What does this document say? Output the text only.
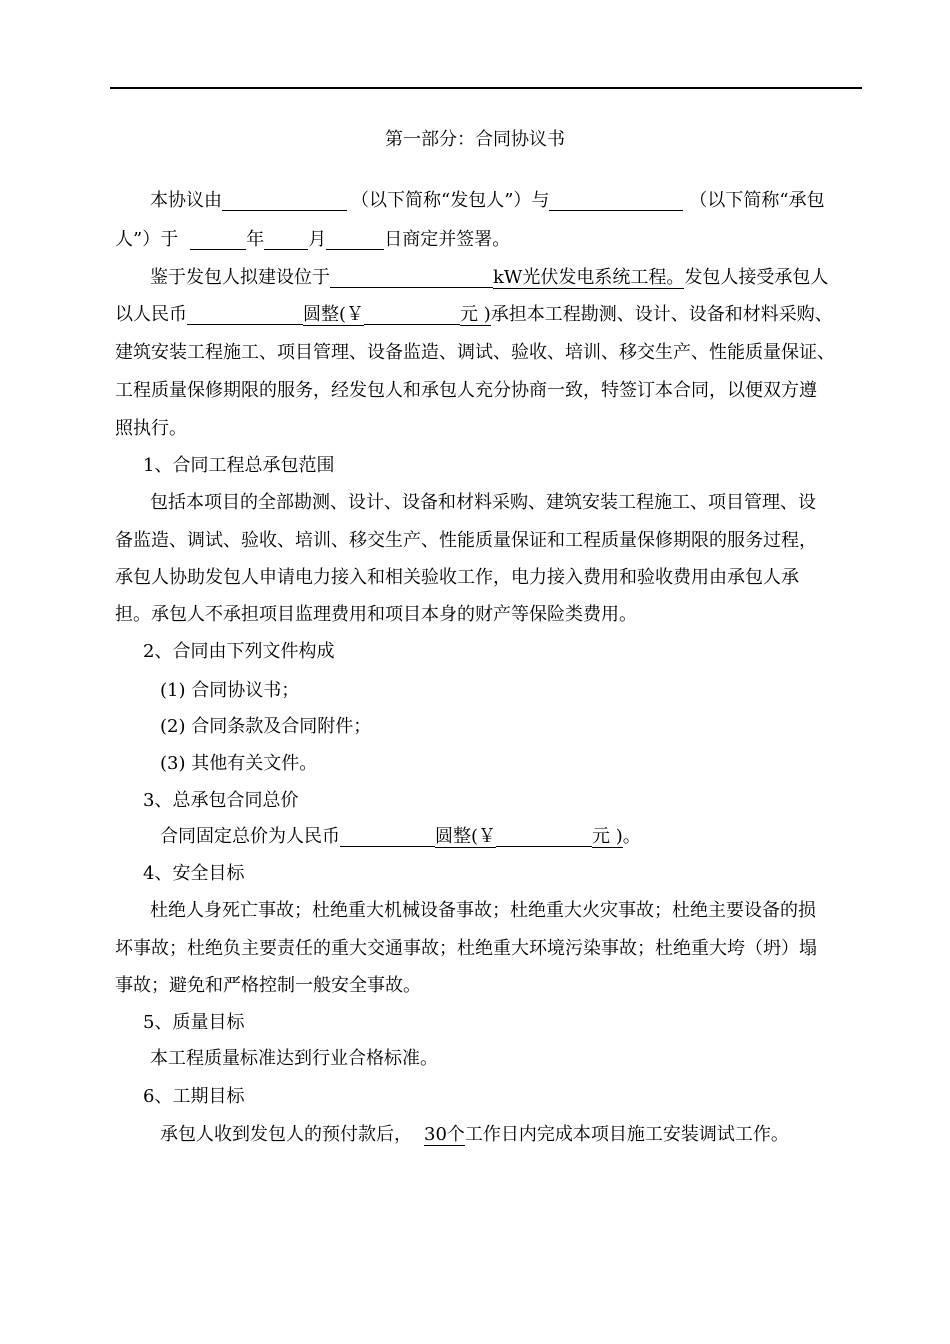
第一部分：合同协议书
本协议由	（以下简称“发包人”）与	（以下简称“承包
人”）于	年 月	日商定并签署。
鉴于发包人拟建设位于	kW光伏发电系统工程。发包人接受承包人
以人民币	圆整(￥	元 )承担本工程勘测、设计、设备和材料采购、
建筑安装工程施工、项目管理、设备监造、调试、验收、培训、移交生产、性能质量保证、
工程质量保修期限的服务，经发包人和承包人充分协商一致，特签订本合同，以便双方遵
照执行。
1、合同工程总承包范围
包括本项目的全部勘测、设计、设备和材料采购、建筑安装工程施工、项目管理、设
备监造、调试、验收、培训、移交生产、性能质量保证和工程质量保修期限的服务过程，
承包人协助发包人申请电力接入和相关验收工作，电力接入费用和验收费用由承包人承
担。承包人不承担项目监理费用和项目本身的财产等保险类费用。
2、合同由下列文件构成
(1) 合同协议书；
(2) 合同条款及合同附件；
(3) 其他有关文件。
3、总承包合同总价
合同固定总价为人民币	圆整(￥	元 )。
4、安全目标
杜绝人身死亡事故；杜绝重大机械设备事故；杜绝重大火灾事故；杜绝主要设备的损
坏事故；杜绝负主要责任的重大交通事故；杜绝重大环境污染事故；杜绝重大垮（坍）塌
事故；避免和严格控制一般安全事故。
5、质量目标
本工程质量标准达到行业合格标准。
6、工期目标
承包人收到发包人的预付款后， 30个工作日内完成本项目施工安装调试工作。
